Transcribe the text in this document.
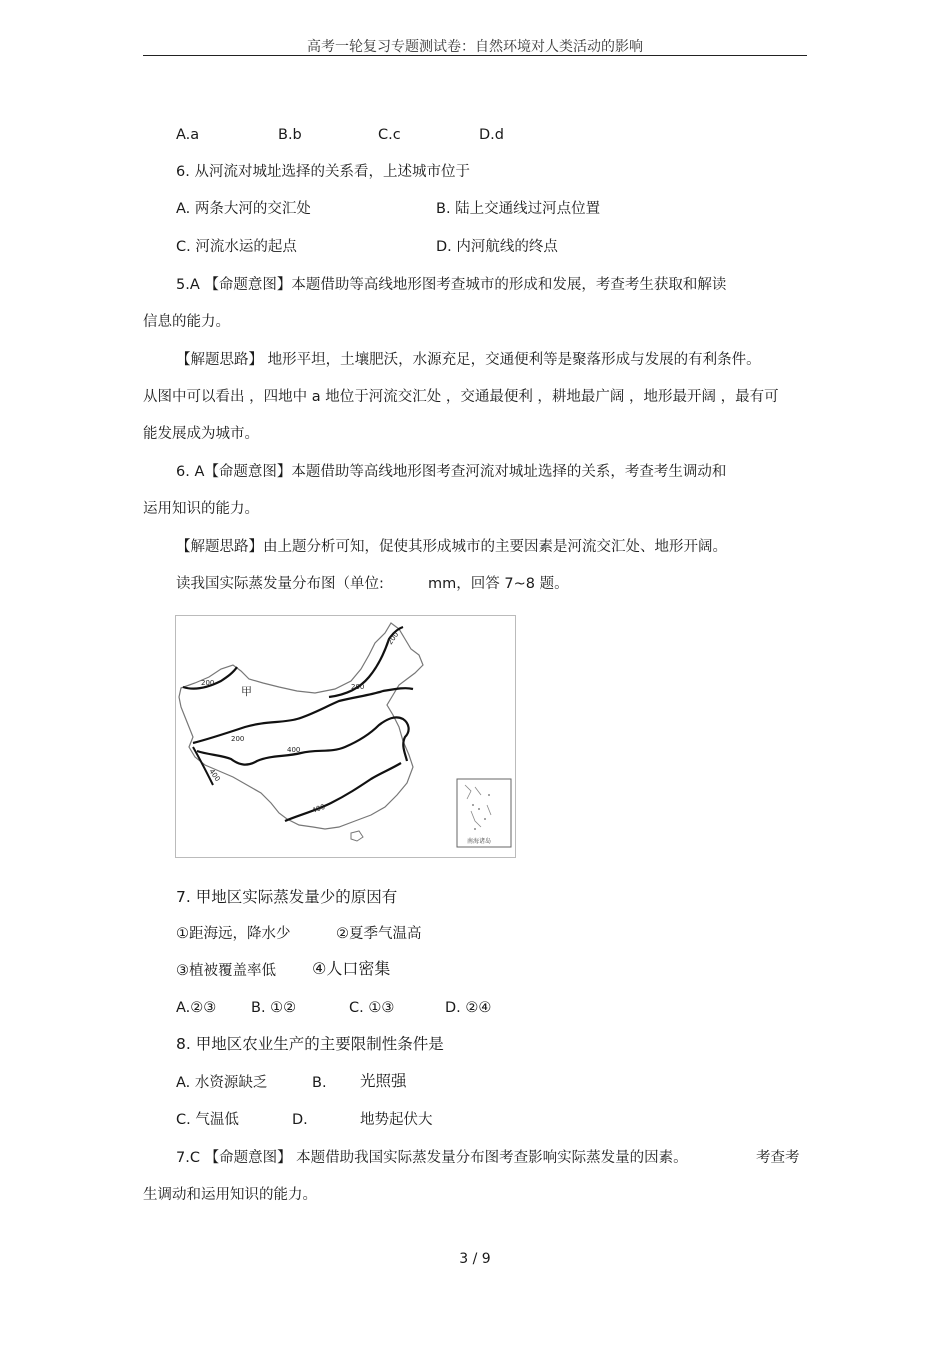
高考一轮复习专题测试卷：自然环境对人类活动的影响
A.a	B.b	C.c	D.d
6. 从河流对城址选择的关系看，上述城市位于
A. 两条大河的交汇处	B. 陆上交通线过河点位置
C. 河流水运的起点	D. 内河航线的终点
5.A 【命题意图】本题借助等高线地形图考查城市的形成和发展，考查考生获取和解读
信息的能力。
【解题思路】 地形平坦，土壤肥沃，水源充足，交通便利等是聚落形成与发展的有利条件。
从图中可以看出 ，四地中 a 地位于河流交汇处 ，交通最便利 ，耕地最广阔 ，地形最开阔 ，最有可
能发展成为城市。
6. A【命题意图】本题借助等高线地形图考查河流对城址选择的关系，考查考生调动和
运用知识的能力。
【解题思路】由上题分析可知，促使其形成城市的主要因素是河流交汇处、地形开阔。
读我国实际蒸发量分布图（单位:	mm，回答 7~8 题。
甲
200
200
200
200
400
400
400
南海诸岛
7. 甲地区实际蒸发量少的原因有
①距海远，降水少	②夏季气温高
③植被覆盖率低 ④人口密集
A.②③ B. ①②	C. ①③	D. ②④
8. 甲地区农业生产的主要限制性条件是
A. 水资源缺乏	B. 光照强
C. 气温低	D.	地势起伏大
7.C 【命题意图】 本题借助我国实际蒸发量分布图考查影响实际蒸发量的因素。	考查考
生调动和运用知识的能力。
3 / 9
